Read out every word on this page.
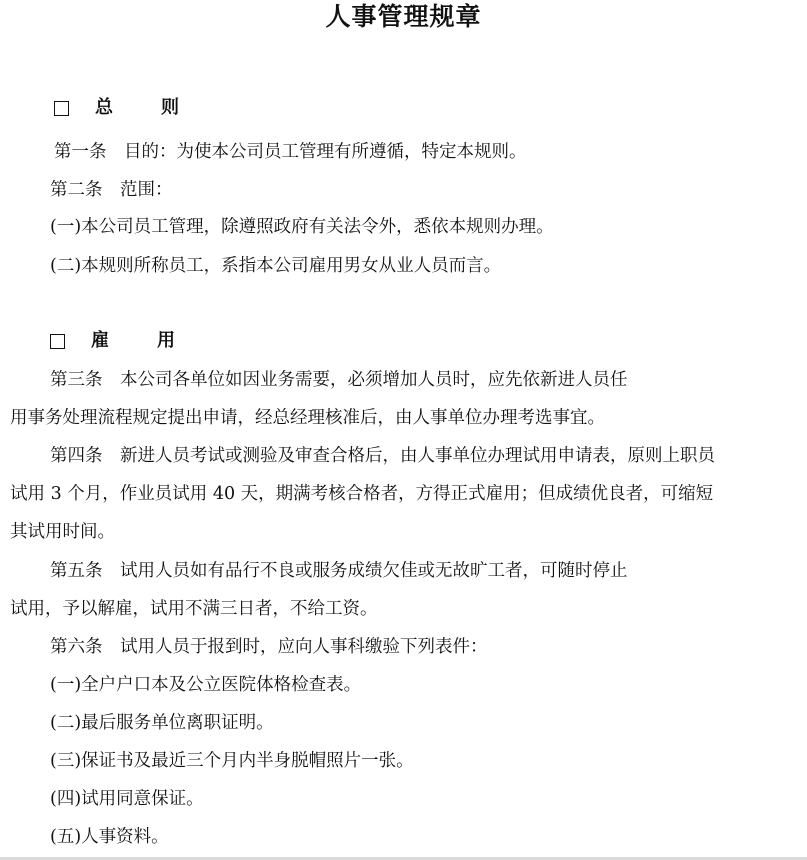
人事管理规章
总	则
第一条　目的：为使本公司员工管理有所遵循，特定本规则。
第二条　范围：
(一)本公司员工管理，除遵照政府有关法令外，悉依本规则办理。
(二)本规则所称员工，系指本公司雇用男女从业人员而言。
雇	用
第三条　本公司各单位如因业务需要，必须增加人员时，应先依新进人员任
用事务处理流程规定提出申请，经总经理核准后，由人事单位办理考选事宜。
第四条　新进人员考试或测验及审查合格后，由人事单位办理试用申请表，原则上职员
试用 3 个月，作业员试用 40 天，期满考核合格者，方得正式雇用；但成绩优良者，可缩短
其试用时间。
第五条　试用人员如有品行不良或服务成绩欠佳或无故旷工者，可随时停止
试用，予以解雇，试用不满三日者，不给工资。
第六条　试用人员于报到时，应向人事科缴验下列表件：
(一)全户户口本及公立医院体格检查表。
(二)最后服务单位离职证明。
(三)保证书及最近三个月内半身脱帽照片一张。
(四)试用同意保证。
(五)人事资料。
